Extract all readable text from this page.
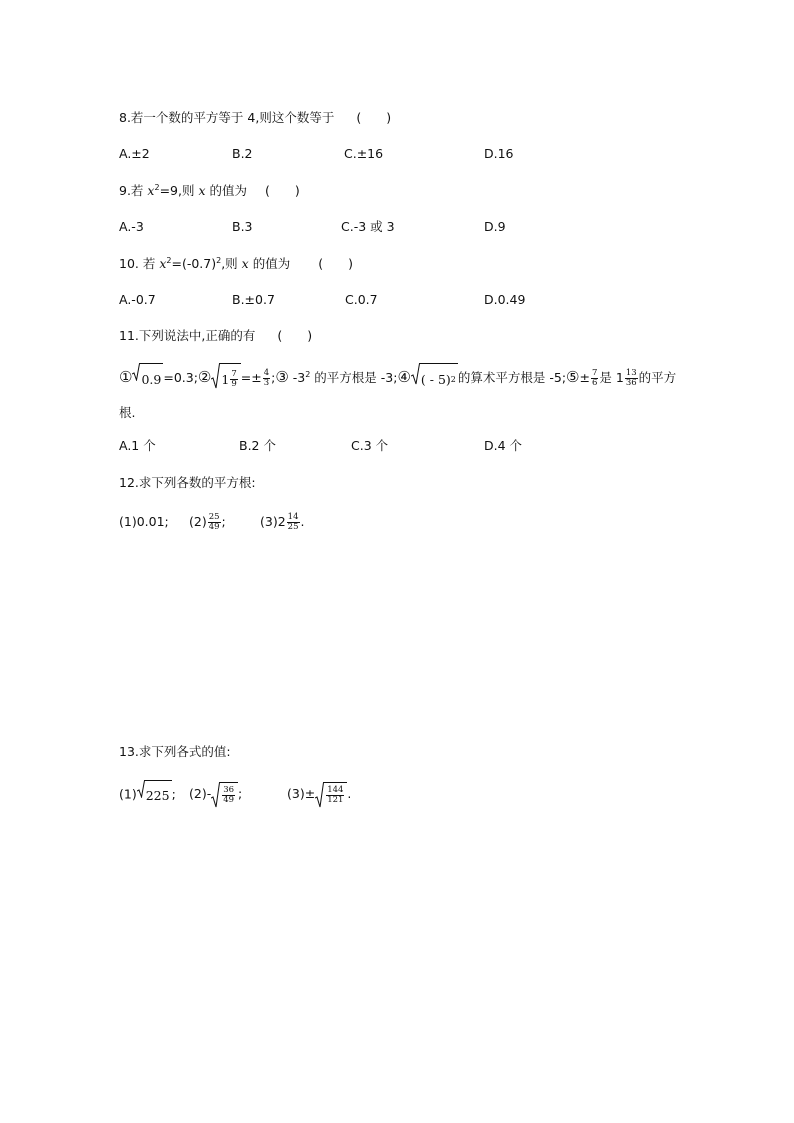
8.若一个数的平方等于 4,则这个数等于 (　　)
A.±2	B.2	C.±16	D.16
9.若 $x^2=9$,则 x 的值为 (　　)
A.-3	B.3	C.-3 或 3	D.9
10. 若 $x^2=(-0.7)^2$,则 x 的值为 (　　)
A.-0.7	B.±0.7	C.0.7	D.0.49
11.下列说法中,正确的有 (　　)
① 0.9 =0.3;② $1 \frac{7}{9} =\pm \frac{4}{3}$ ;③ $-3^2$ 的平方根是 -3;④ ( - 5) 2 的算术平方根是 -5;⑤± $\frac{7}{6}$ 是 $1 \frac{13}{36}$ 的平方
根.
A.1 个	B.2 个	C.3 个	D.4 个
12.求下列各数的平方根:
(1)0.01; $(2) \frac{25}{49}$ ;	$(3)2 \frac{14}{25}$ .
13.求下列各式的值:
(1) 225 ; $(2)- \frac{36}{49}$ ;	$(3)\pm \frac{144}{121}$ .
